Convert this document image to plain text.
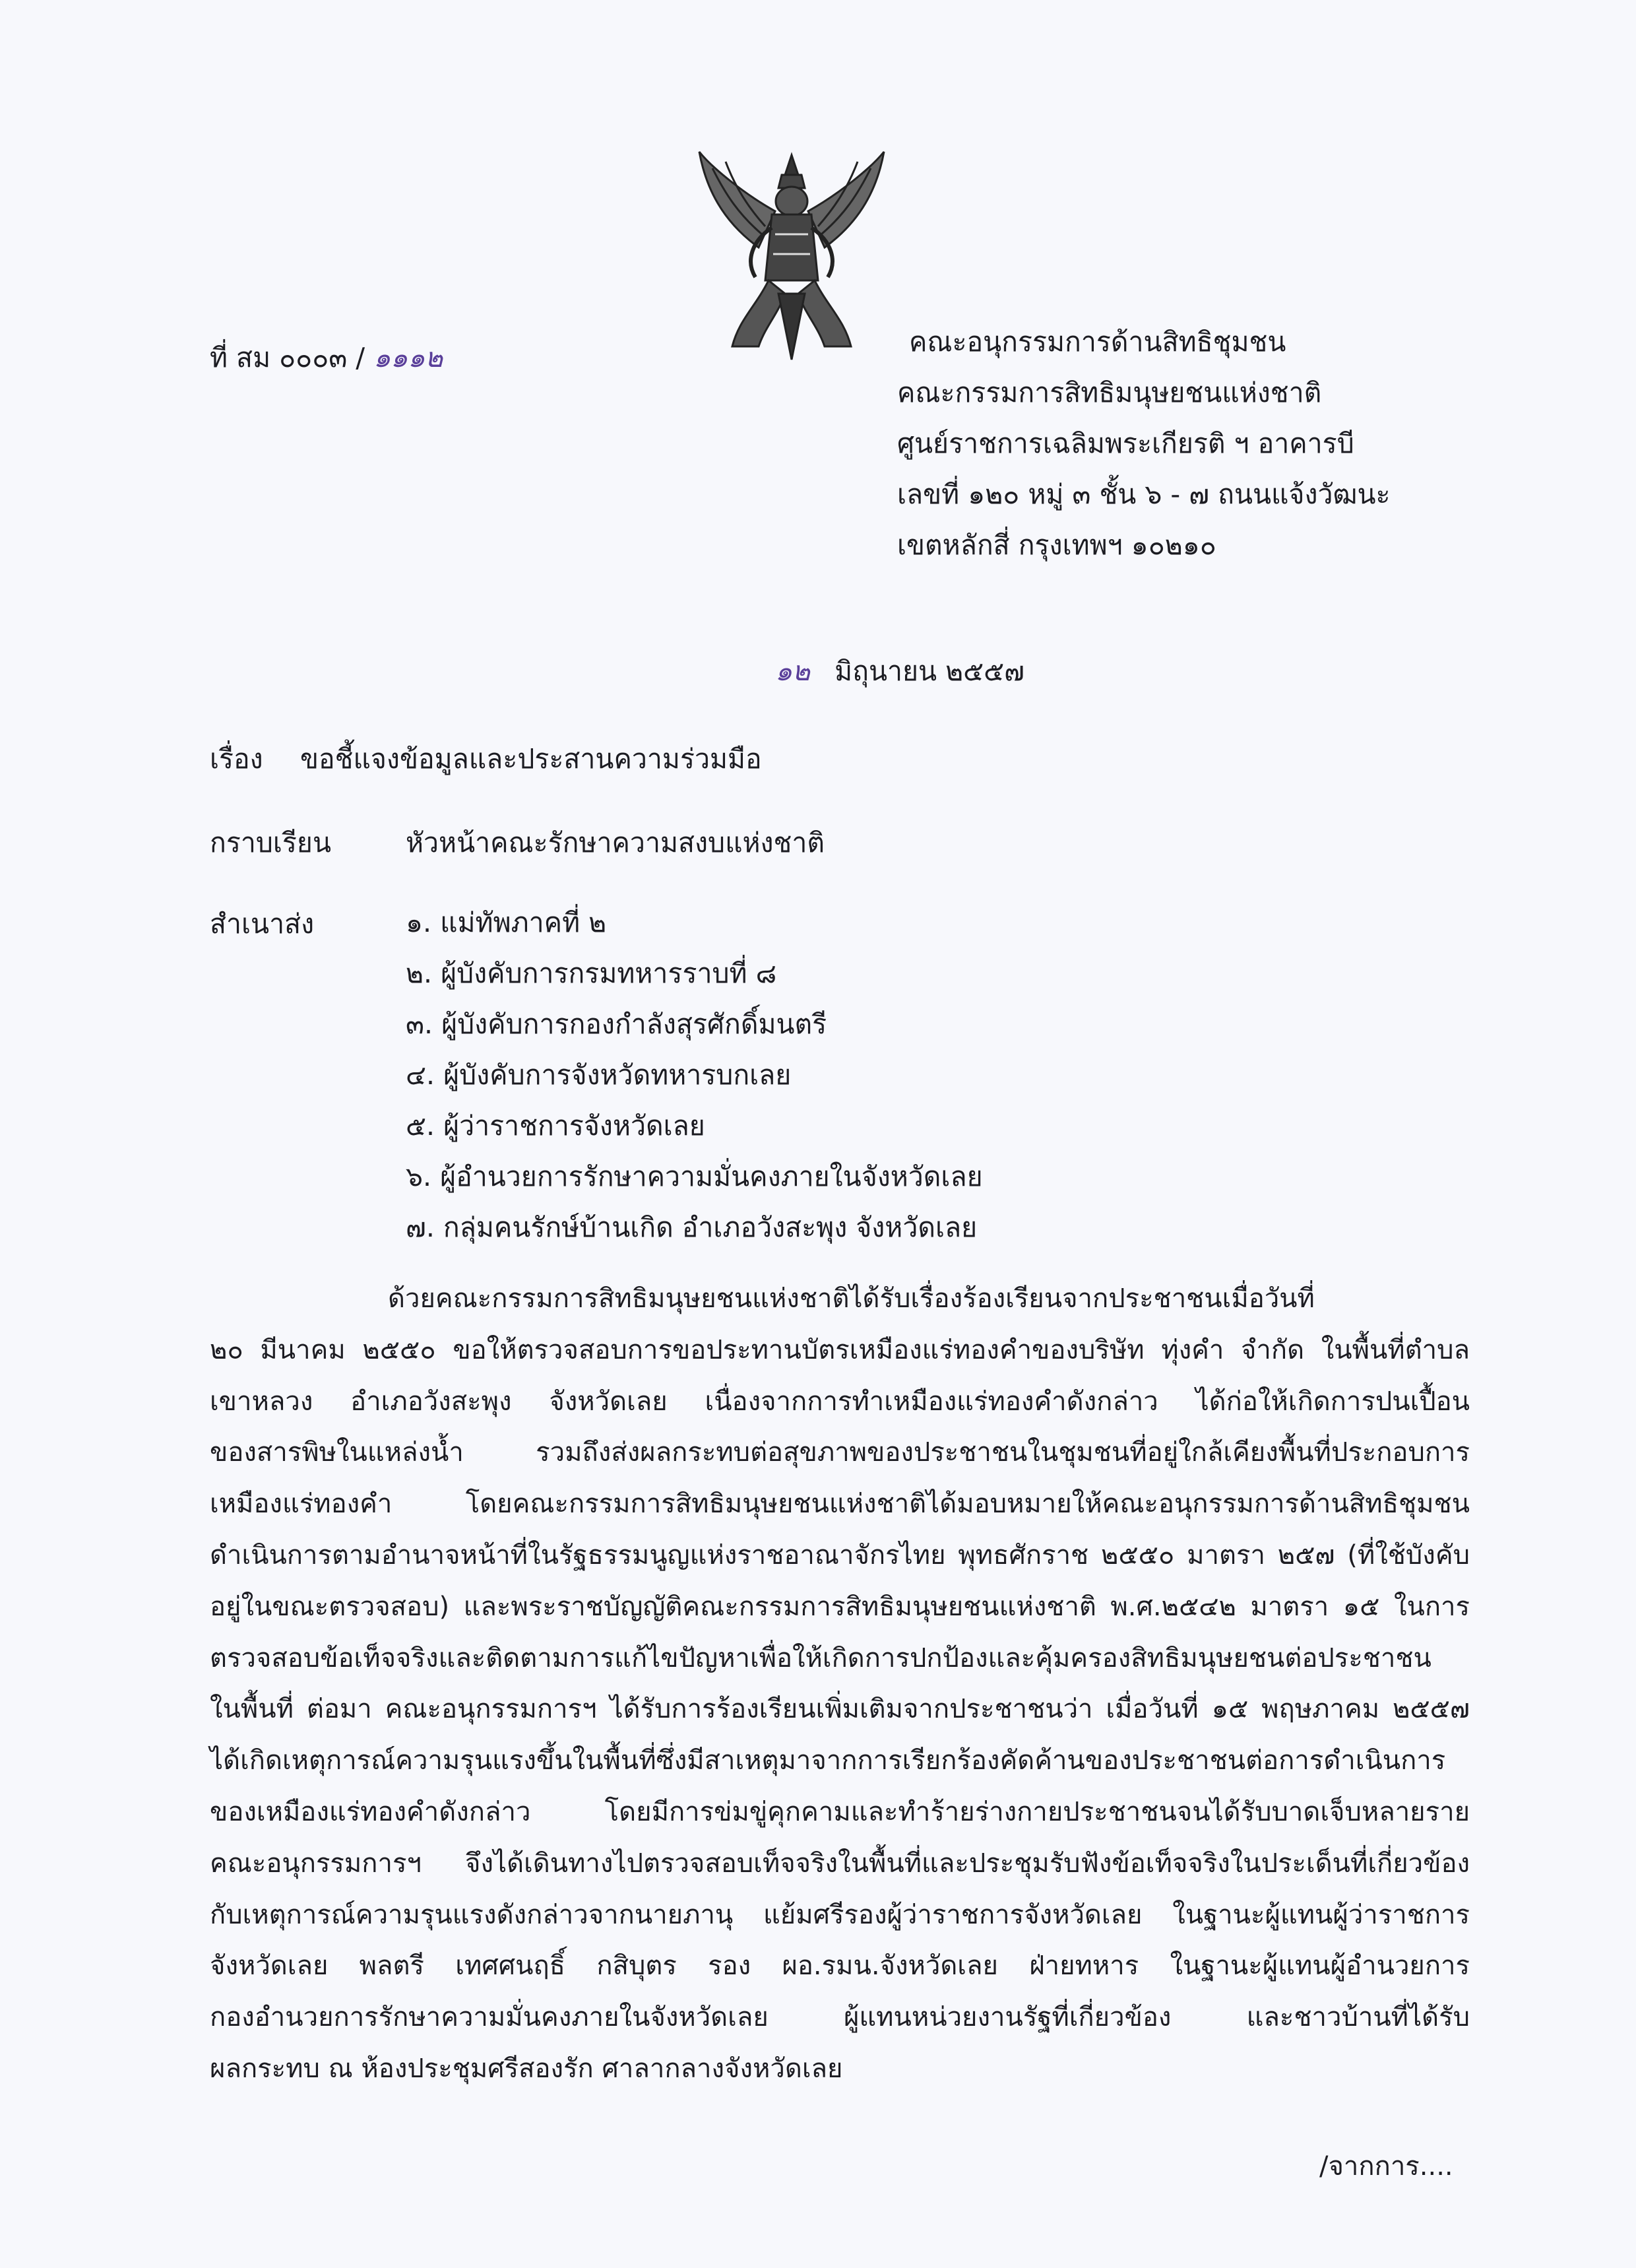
ที่ สม ๐๐๐๓ / ๑๑๑๒	คณะอนุกรรมการด้านสิทธิชุมชน
คณะกรรมการสิทธิมนุษยชนแห่งชาติ
ศูนย์ราชการเฉลิมพระเกียรติ ฯ อาคารบี
เลขที่ ๑๒๐ หมู่ ๓ ชั้น ๖ - ๗ ถนนแจ้งวัฒนะ
เขตหลักสี่ กรุงเทพฯ ๑๐๒๑๐
๑๒ มิถุนายน ๒๕๕๗
เรื่อง ขอชี้แจงข้อมูลและประสานความร่วมมือ
กราบเรียน	หัวหน้าคณะรักษาความสงบแห่งชาติ
สำเนาส่ง	๑. แม่ทัพภาคที่ ๒
๒. ผู้บังคับการกรมทหารราบที่ ๘
๓. ผู้บังคับการกองกำลังสุรศักดิ์มนตรี
๔. ผู้บังคับการจังหวัดทหารบกเลย
๕. ผู้ว่าราชการจังหวัดเลย
๖. ผู้อำนวยการรักษาความมั่นคงภายในจังหวัดเลย
๗. กลุ่มคนรักษ์บ้านเกิด อำเภอวังสะพุง จังหวัดเลย
ด้วยคณะกรรมการสิทธิมนุษยชนแห่งชาติได้รับเรื่องร้องเรียนจากประชาชนเมื่อวันที่
๒๐ มีนาคม ๒๕๕๐ ขอให้ตรวจสอบการขอประทานบัตรเหมืองแร่ทองคำของบริษัท ทุ่งคำ จำกัด ในพื้นที่ตำบล
เขาหลวง อำเภอวังสะพุง จังหวัดเลย เนื่องจากการทำเหมืองแร่ทองคำดังกล่าว ได้ก่อให้เกิดการปนเปื้อน
ของสารพิษในแหล่งน้ำ รวมถึงส่งผลกระทบต่อสุขภาพของประชาชนในชุมชนที่อยู่ใกล้เคียงพื้นที่ประกอบการ
เหมืองแร่ทองคำ โดยคณะกรรมการสิทธิมนุษยชนแห่งชาติได้มอบหมายให้คณะอนุกรรมการด้านสิทธิชุมชน
ดำเนินการตามอำนาจหน้าที่ในรัฐธรรมนูญแห่งราชอาณาจักรไทย พุทธศักราช ๒๕๕๐ มาตรา ๒๕๗ (ที่ใช้บังคับ
อยู่ในขณะตรวจสอบ) และพระราชบัญญัติคณะกรรมการสิทธิมนุษยชนแห่งชาติ พ.ศ.๒๕๔๒ มาตรา ๑๕ ในการ
ตรวจสอบข้อเท็จจริงและติดตามการแก้ไขปัญหาเพื่อให้เกิดการปกป้องและคุ้มครองสิทธิมนุษยชนต่อประชาชน
ในพื้นที่ ต่อมา คณะอนุกรรมการฯ ได้รับการร้องเรียนเพิ่มเติมจากประชาชนว่า เมื่อวันที่ ๑๕ พฤษภาคม ๒๕๕๗
ได้เกิดเหตุการณ์ความรุนแรงขึ้นในพื้นที่ซึ่งมีสาเหตุมาจากการเรียกร้องคัดค้านของประชาชนต่อการดำเนินการ
ของเหมืองแร่ทองคำดังกล่าว โดยมีการข่มขู่คุกคามและทำร้ายร่างกายประชาชนจนได้รับบาดเจ็บหลายราย
คณะอนุกรรมการฯ จึงได้เดินทางไปตรวจสอบเท็จจริงในพื้นที่และประชุมรับฟังข้อเท็จจริงในประเด็นที่เกี่ยวข้อง
กับเหตุการณ์ความรุนแรงดังกล่าวจากนายภานุ แย้มศรีรองผู้ว่าราชการจังหวัดเลย ในฐานะผู้แทนผู้ว่าราชการ
จังหวัดเลย พลตรี เทศศนฤธิ์ กสิบุตร รอง ผอ.รมน.จังหวัดเลย ฝ่ายทหาร ในฐานะผู้แทนผู้อำนวยการ
กองอำนวยการรักษาความมั่นคงภายในจังหวัดเลย ผู้แทนหน่วยงานรัฐที่เกี่ยวข้อง และชาวบ้านที่ได้รับ
ผลกระทบ ณ ห้องประชุมศรีสองรัก ศาลากลางจังหวัดเลย
/จากการ....
